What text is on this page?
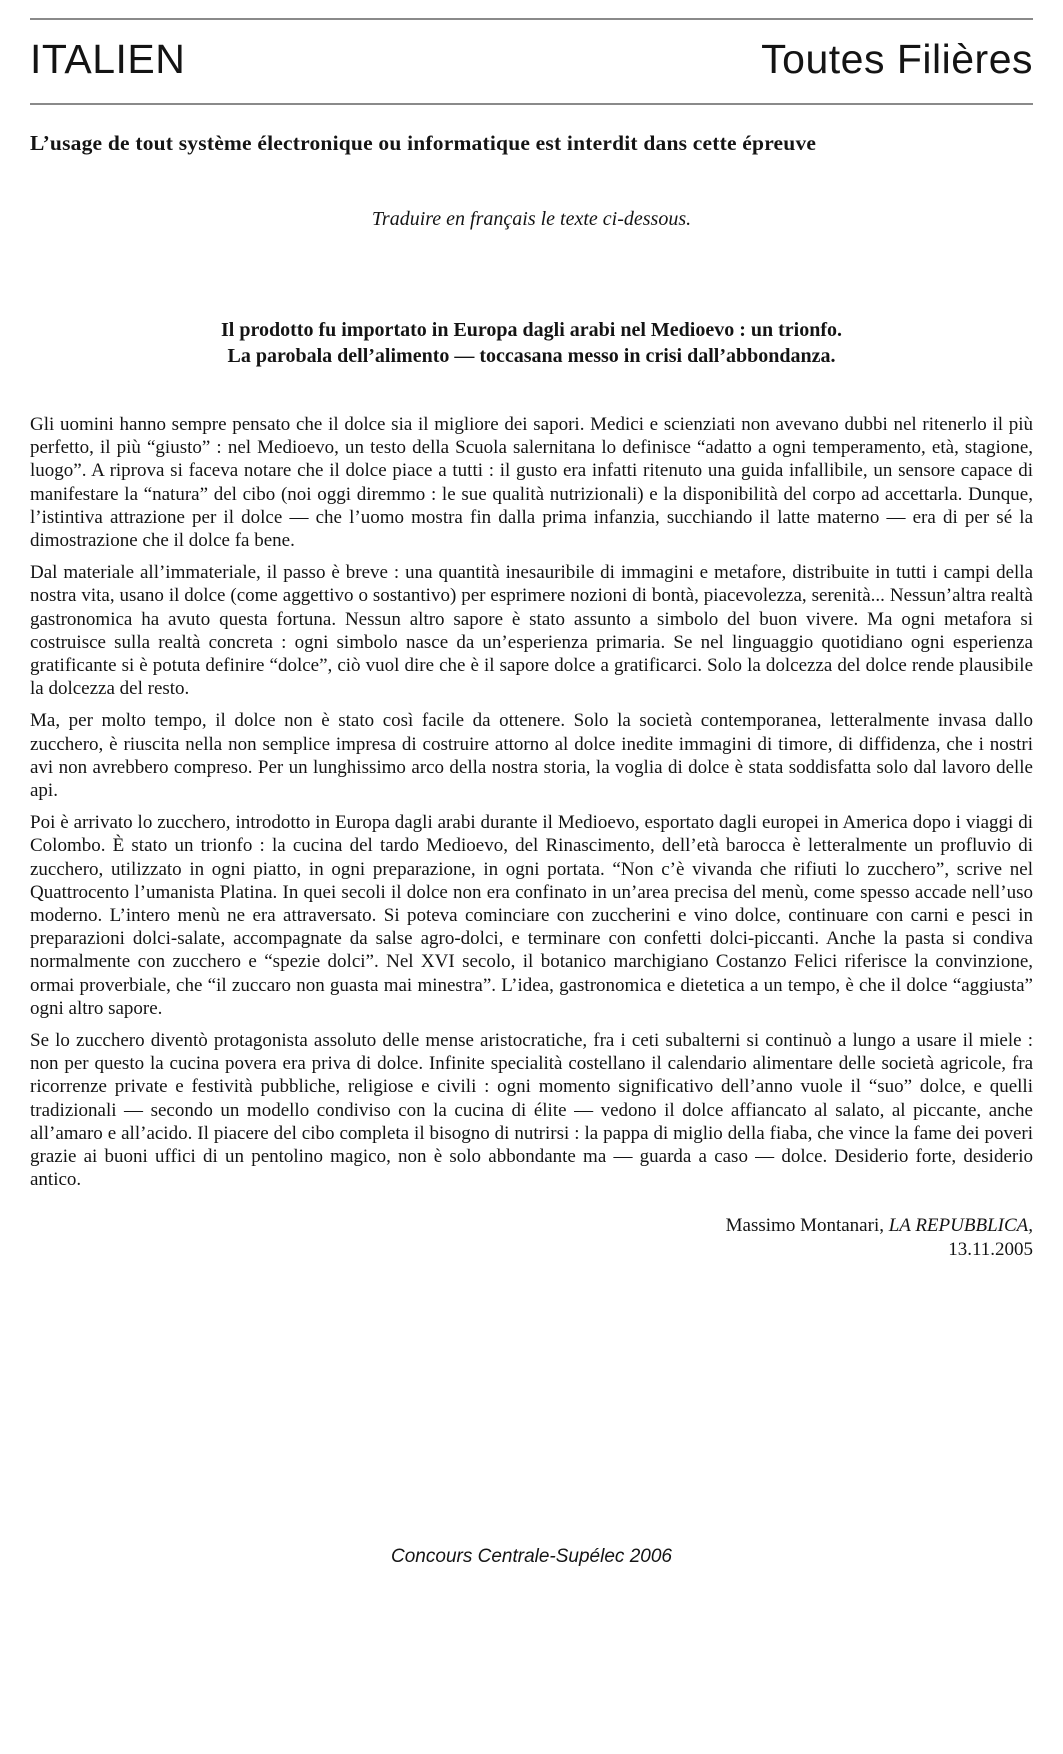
ITALIEN	Toutes Filières

L’usage de tout système électronique ou informatique est interdit dans cette épreuve

Traduire en français le texte ci-dessous.

Il prodotto fu importato in Europa dagli arabi nel Medioevo : un trionfo.

La parobala dell’alimento — toccasana messo in crisi dall’abbondanza.

Gli uomini hanno sempre pensato che il dolce sia il migliore dei sapori. Medici e scienziati non avevano dubbi nel ritenerlo il più perfetto, il più “giusto” : nel Medioevo, un testo della Scuola salernitana lo definisce “adatto a ogni temperamento, età, stagione, luogo”. A riprova si faceva notare che il dolce piace a tutti : il gusto era infatti ritenuto una guida infallibile, un sensore capace di manifestare la “natura” del cibo (noi oggi diremmo : le sue qualità nutrizionali) e la disponibilità del corpo ad accettarla. Dunque, l’istintiva attrazione per il dolce — che l’uomo mostra fin dalla prima infanzia, succhiando il latte materno — era di per sé la dimostrazione che il dolce fa bene.

Dal materiale all’immateriale, il passo è breve : una quantità inesauribile di immagini e metafore, distribuite in tutti i campi della nostra vita, usano il dolce (come aggettivo o sostantivo) per esprimere nozioni di bontà, piacevolezza, serenità... Nessun’altra realtà gastronomica ha avuto questa fortuna. Nessun altro sapore è stato assunto a simbolo del buon vivere. Ma ogni metafora si costruisce sulla realtà concreta : ogni simbolo nasce da un’esperienza primaria. Se nel linguaggio quotidiano ogni esperienza gratificante si è potuta definire “dolce”, ciò vuol dire che è il sapore dolce a gratificarci. Solo la dolcezza del dolce rende plausibile la dolcezza del resto.

Ma, per molto tempo, il dolce non è stato così facile da ottenere. Solo la società contemporanea, letteralmente invasa dallo zucchero, è riuscita nella non semplice impresa di costruire attorno al dolce inedite immagini di timore, di diffidenza, che i nostri avi non avrebbero compreso. Per un lunghissimo arco della nostra storia, la voglia di dolce è stata soddisfatta solo dal lavoro delle api.

Poi è arrivato lo zucchero, introdotto in Europa dagli arabi durante il Medioevo, esportato dagli europei in America dopo i viaggi di Colombo. È stato un trionfo : la cucina del tardo Medioevo, del Rinascimento, dell’età barocca è letteralmente un profluvio di zucchero, utilizzato in ogni piatto, in ogni preparazione, in ogni portata. “Non c’è vivanda che rifiuti lo zucchero”, scrive nel Quattrocento l’umanista Platina. In quei secoli il dolce non era confinato in un’area precisa del menù, come spesso accade nell’uso moderno. L’intero menù ne era attraversato. Si poteva cominciare con zuccherini e vino dolce, continuare con carni e pesci in preparazioni dolci-salate, accompagnate da salse agro-dolci, e terminare con confetti dolci-piccanti. Anche la pasta si condiva normalmente con zucchero e “spezie dolci”. Nel XVI secolo, il botanico marchigiano Costanzo Felici riferisce la convinzione, ormai proverbiale, che “il zuccaro non guasta mai minestra”. L’idea, gastronomica e dietetica a un tempo, è che il dolce “aggiusta” ogni altro sapore.

Se lo zucchero diventò protagonista assoluto delle mense aristocratiche, fra i ceti subalterni si continuò a lungo a usare il miele : non per questo la cucina povera era priva di dolce. Infinite specialità costellano il calendario alimentare delle società agricole, fra ricorrenze private e festività pubbliche, religiose e civili : ogni momento significativo dell’anno vuole il “suo” dolce, e quelli tradizionali — secondo un modello condiviso con la cucina di élite — vedono il dolce affiancato al salato, al piccante, anche all’amaro e all’acido. Il piacere del cibo completa il bisogno di nutrirsi : la pappa di miglio della fiaba, che vince la fame dei poveri grazie ai buoni uffici di un pentolino magico, non è solo abbondante ma — guarda a caso — dolce. Desiderio forte, desiderio antico.

Massimo Montanari, LA REPUBBLICA,

13.11.2005

Concours Centrale-Supélec 2006
